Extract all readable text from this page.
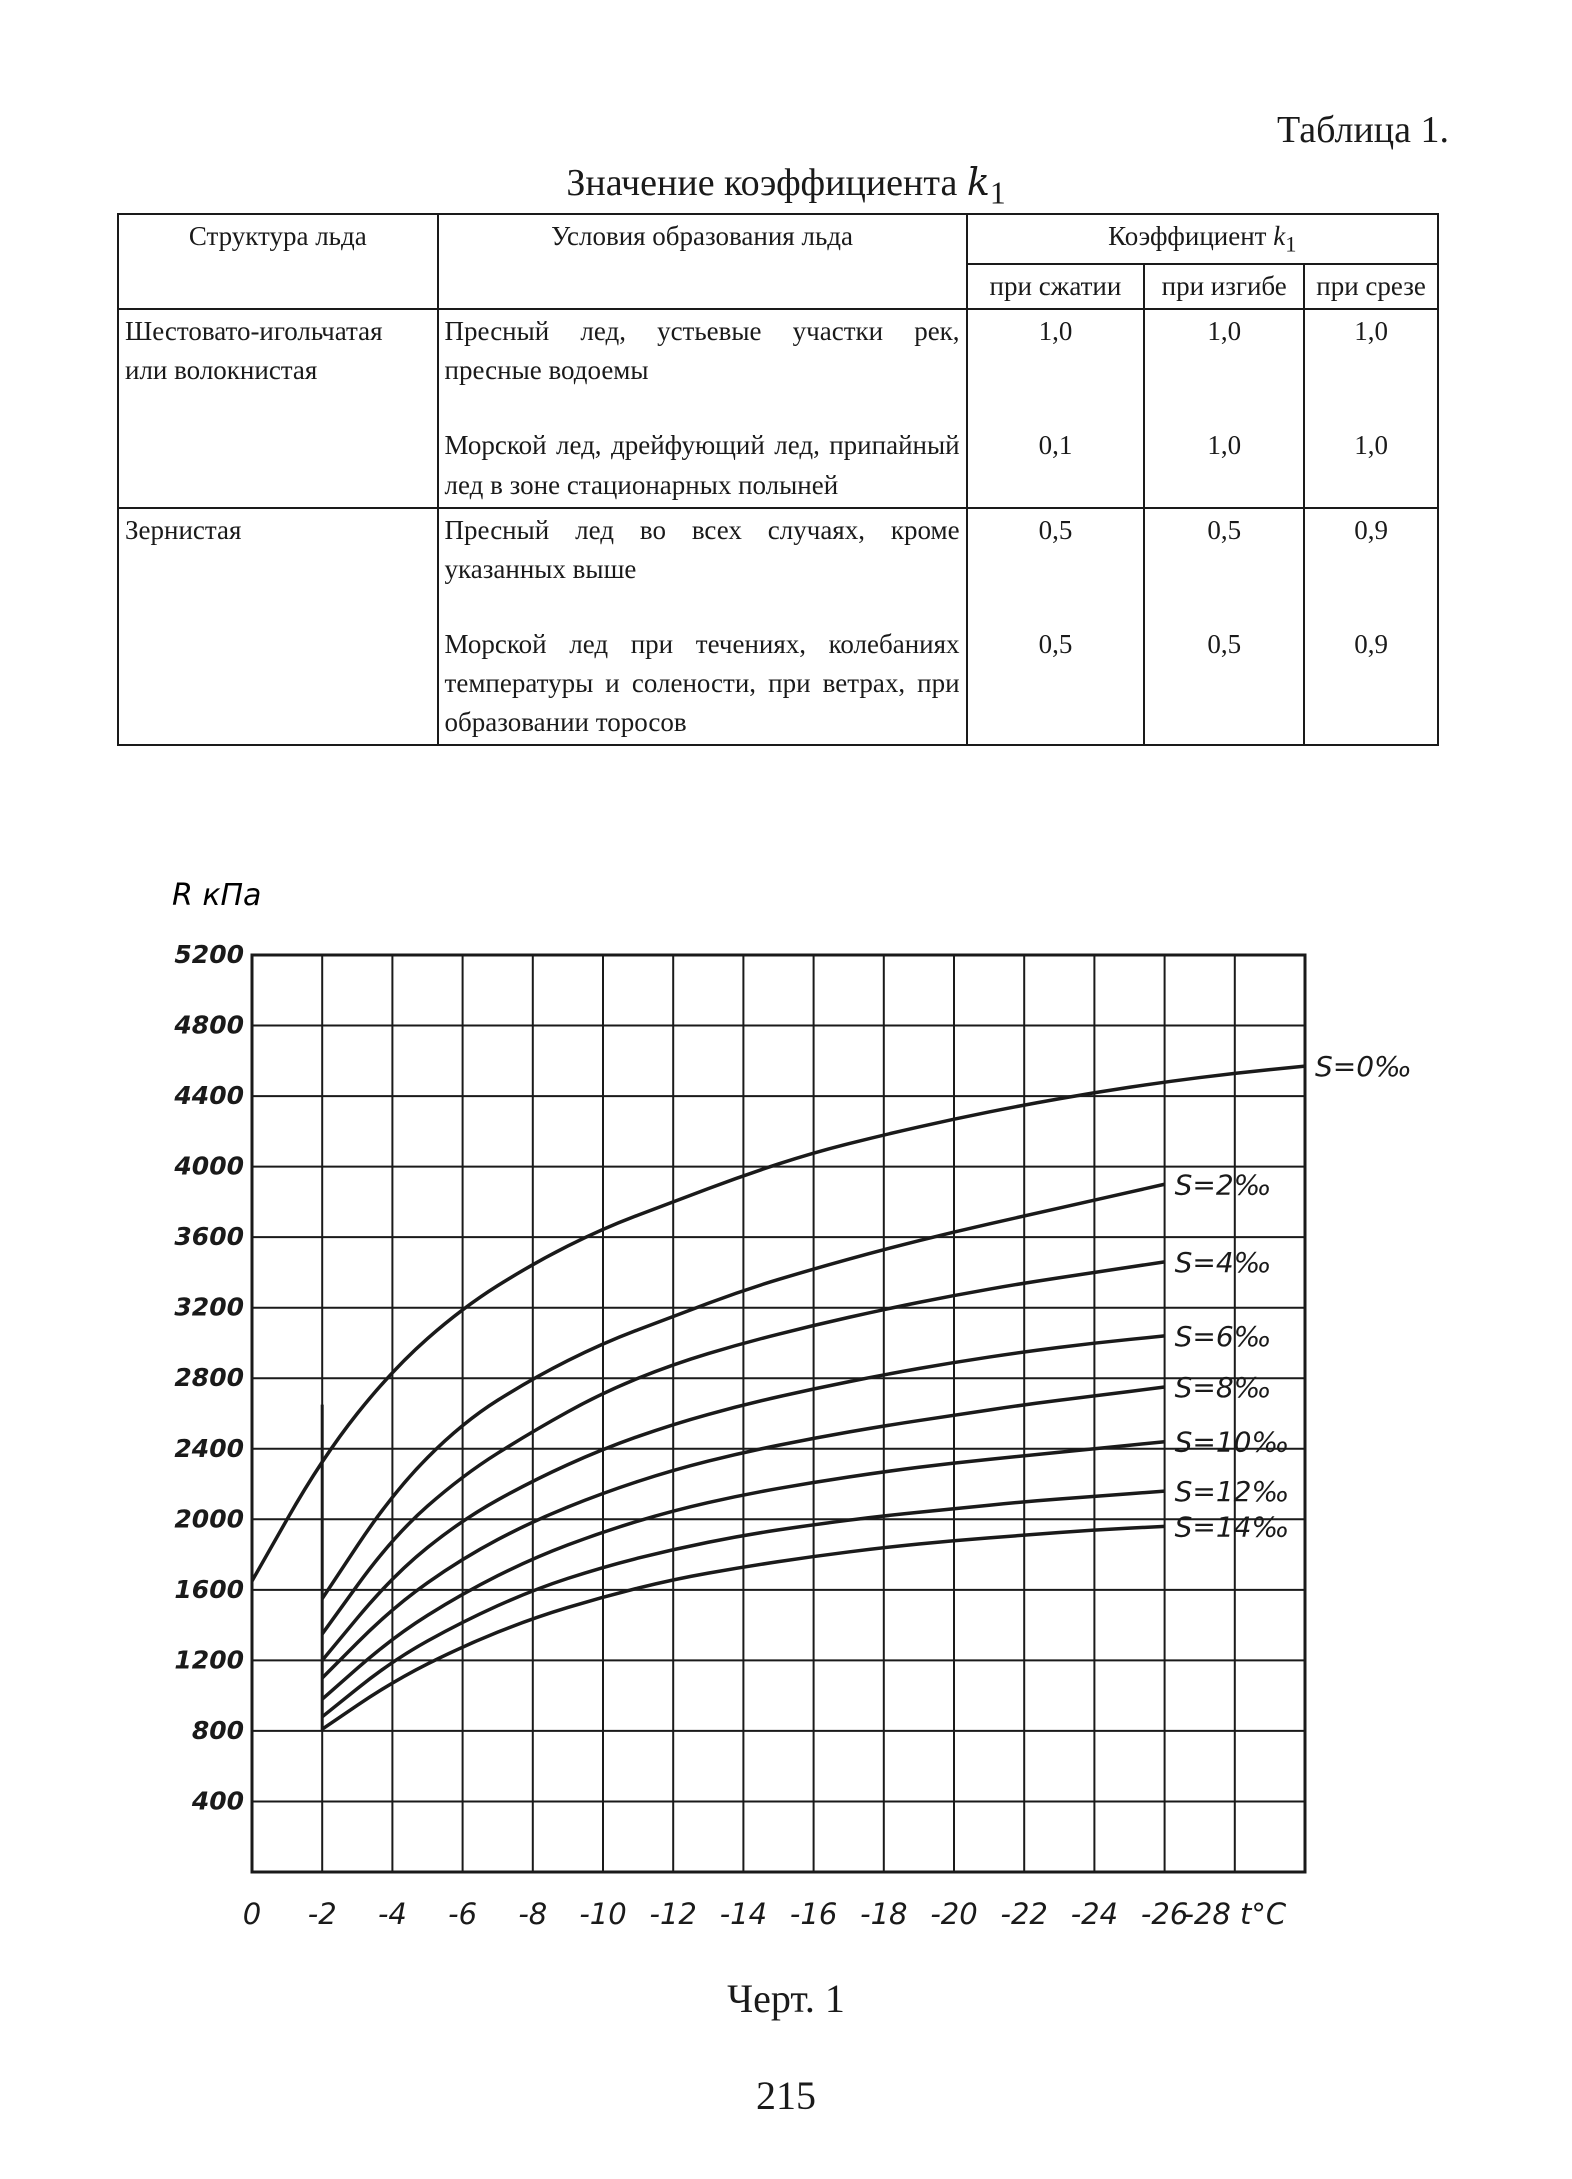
Таблица 1.
Значение коэффициента $k_1$
Структура льда	Условия образования льда	Коэффициент $k_1$
		при сжатии	при изгибе	при срезе
Шестовато-игольчатая или волокнистая	Пресный лед, устьевые участки рек, пресные водоемы	1,0	1,0	1,0
	Морской лед, дрейфующий лед, припайный лед в зоне стационарных полыней	0,1	1,0	1,0
Зернистая	Пресный лед во всех случаях, кроме указанных выше	0,5	0,5	0,9
	Морской лед при течениях, колебаниях температуры и солености, при ветрах, при образовании торосов	0,5	0,5	0,9
R кПа
5200
4800
4400
4000
3600
3200
2800
2400
2000
1600
1200
800
400
0 -2 -4 -6 -8 -10 -12 -14 -16 -18 -20 -22 -24 -26
-28 t°C
S=0‰
S=2‰
S=4‰
S=6‰
S=8‰
S=10‰
S=12‰
S=14‰
Черт. 1
215
